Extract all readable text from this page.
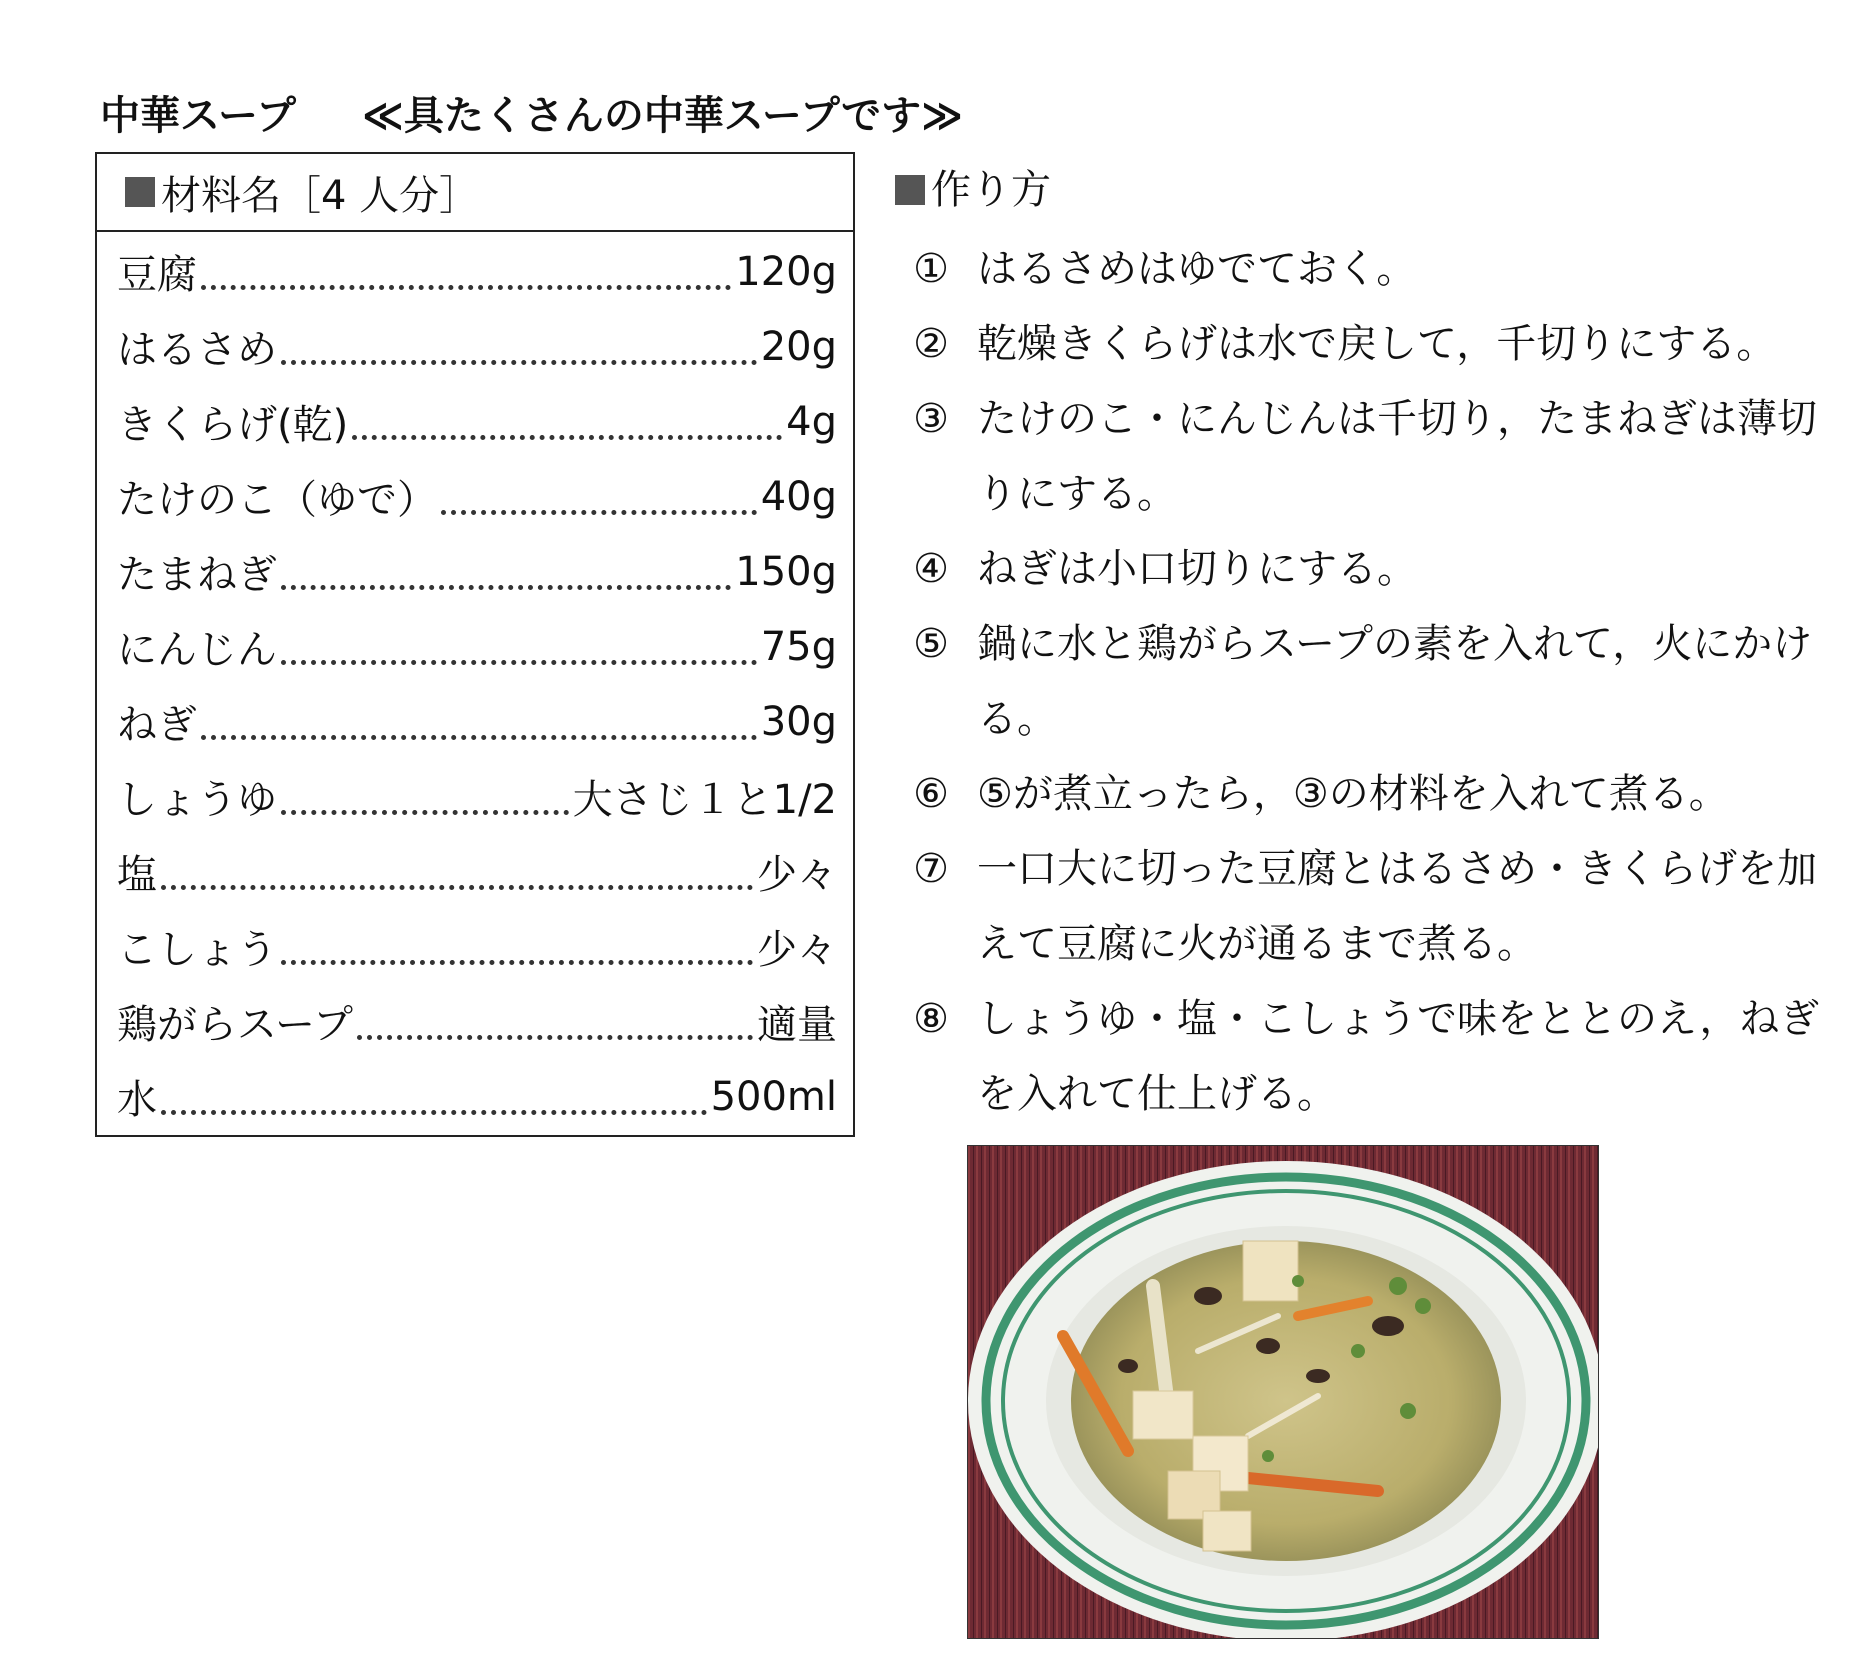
中華スープ ≪具たくさんの中華スープです≫
材料名［4 人分］
豆腐	120g
はるさめ	20g
きくらげ(乾)	4g
たけのこ（ゆで）	40g
たまねぎ	150g
にんじん	75g
ねぎ	30g
しょうゆ	大さじ１と1/2
塩	少々
こしょう	少々
鶏がらスープ	適量
水	500ml
作り方
① はるさめはゆでておく。
② 乾燥きくらげは水で戻して，千切りにする。
③ たけのこ・にんじんは千切り，たまねぎは薄切りにする。
④ ねぎは小口切りにする。
⑤ 鍋に水と鶏がらスープの素を入れて，火にかける。
⑥ ⑤が煮立ったら，③の材料を入れて煮る。
⑦ 一口大に切った豆腐とはるさめ・きくらげを加えて豆腐に火が通るまで煮る。
⑧ しょうゆ・塩・こしょうで味をととのえ，ねぎを入れて仕上げる。
